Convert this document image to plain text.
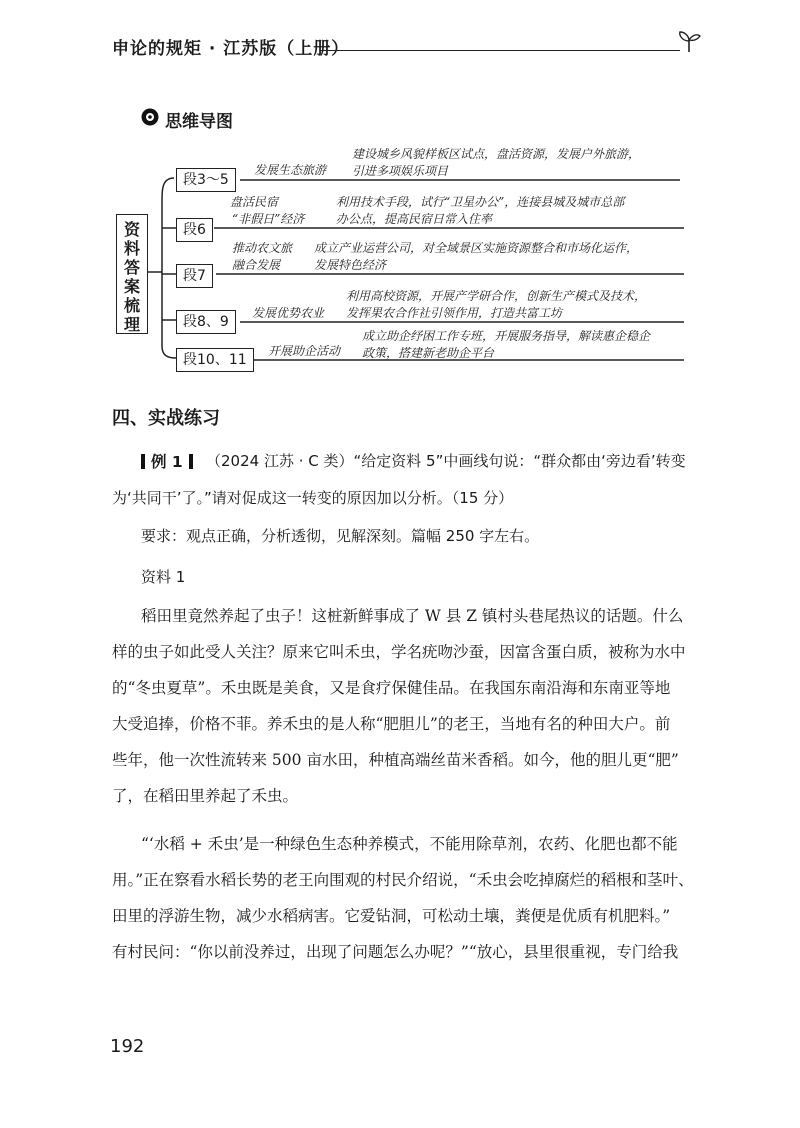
申论的规矩 · 江苏版（上册）
思维导图
资
料
答
案
梳
理
段3～5
发展生态旅游
建设城乡风貌样板区试点，盘活资源，发展户外旅游，
引进多项娱乐项目
段6
盘活民宿
“非假日”经济
利用技术手段，试行“卫星办公”，连接县城及城市总部
办公点，提高民宿日常入住率
段7
推动农文旅
融合发展
成立产业运营公司，对全域景区实施资源整合和市场化运作，
发展特色经济
段8、9
发展优势农业
利用高校资源，开展产学研合作，创新生产模式及技术，
发挥果农合作社引领作用，打造共富工坊
段10、11
开展助企活动
成立助企纾困工作专班，开展服务指导，解读惠企稳企
政策，搭建新老助企平台
四、实战练习
例 1	（2024 江苏 · C 类）“给定资料 5”中画线句说：“群众都由‘旁边看’转变
为‘共同干’了。”请对促成这一转变的原因加以分析。（15 分）
要求：观点正确，分析透彻，见解深刻。篇幅 250 字左右。
资料 1
稻田里竟然养起了虫子！这桩新鲜事成了 W 县 Z 镇村头巷尾热议的话题。什么
样的虫子如此受人关注？原来它叫禾虫，学名疣吻沙蚕，因富含蛋白质，被称为水中
的“冬虫夏草”。禾虫既是美食，又是食疗保健佳品。在我国东南沿海和东南亚等地
大受追捧，价格不菲。养禾虫的是人称“肥胆儿”的老王，当地有名的种田大户。前
些年，他一次性流转来 500 亩水田，种植高端丝苗米香稻。如今，他的胆儿更“肥”
了，在稻田里养起了禾虫。
“‘水稻 + 禾虫’是一种绿色生态种养模式，不能用除草剂，农药、化肥也都不能
用。”正在察看水稻长势的老王向围观的村民介绍说，“禾虫会吃掉腐烂的稻根和茎叶、
田里的浮游生物，减少水稻病害。它爱钻洞，可松动土壤，粪便是优质有机肥料。”
有村民问：“你以前没养过，出现了问题怎么办呢？”“放心，县里很重视，专门给我
192
